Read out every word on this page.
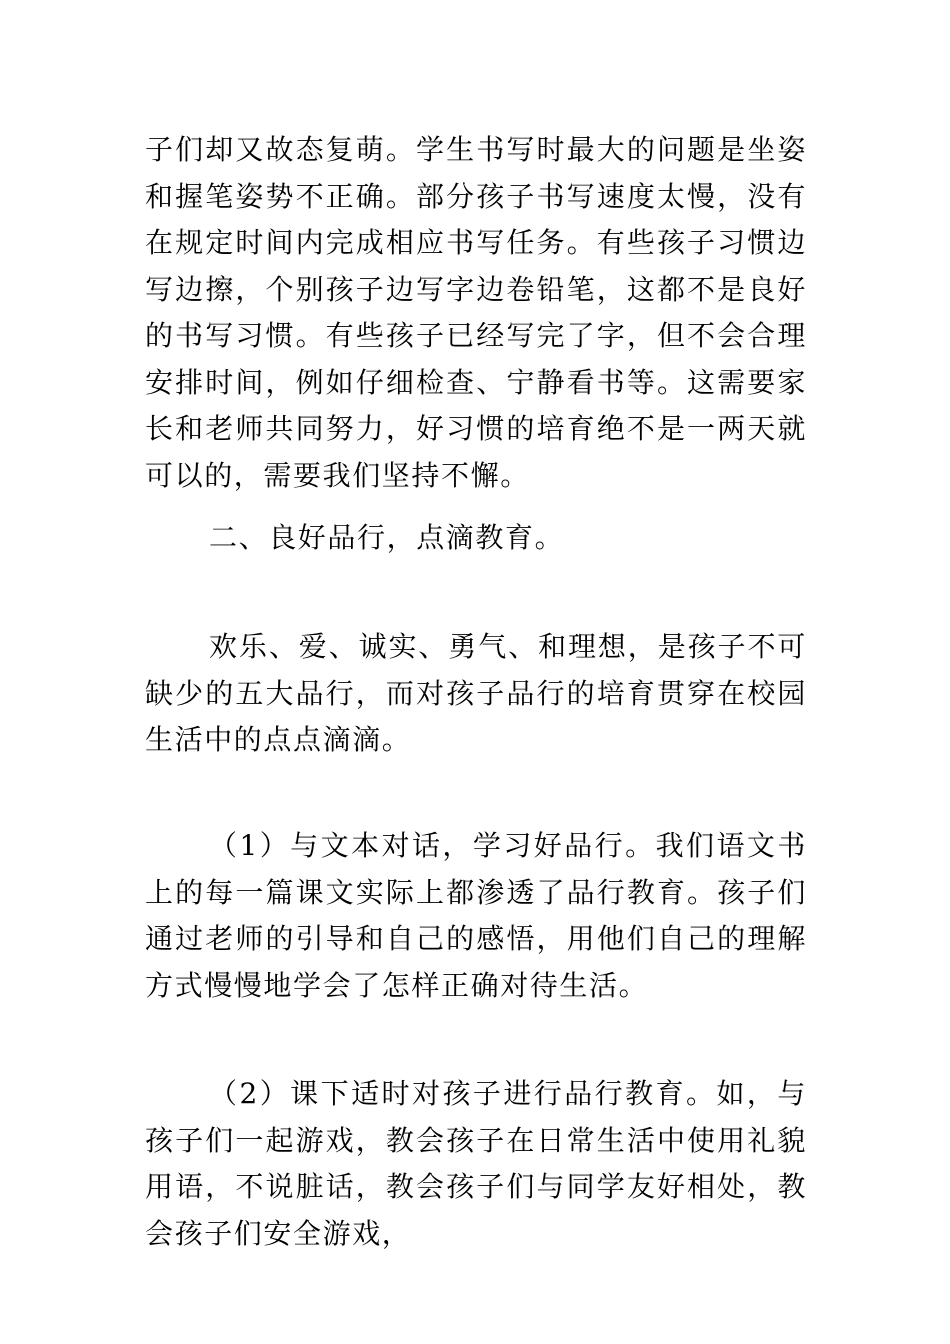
子们却又故态复萌。学生书写时最大的问题是坐姿和握笔姿势不正确。部分孩子书写速度太慢，没有在规定时间内完成相应书写任务。有些孩子习惯边写边擦，个别孩子边写字边卷铅笔，这都不是良好的书写习惯。有些孩子已经写完了字，但不会合理安排时间，例如仔细检查、宁静看书等。这需要家长和老师共同努力，好习惯的培育绝不是一两天就可以的，需要我们坚持不懈。

二、良好品行，点滴教育。

欢乐、爱、诚实、勇气、和理想，是孩子不可缺少的五大品行，而对孩子品行的培育贯穿在校园生活中的点点滴滴。

（1）与文本对话，学习好品行。我们语文书上的每一篇课文实际上都渗透了品行教育。孩子们通过老师的引导和自己的感悟，用他们自己的理解方式慢慢地学会了怎样正确对待生活。

（2）课下适时对孩子进行品行教育。如，与孩子们一起游戏，教会孩子在日常生活中使用礼貌用语，不说脏话，教会孩子们与同学友好相处，教会孩子们安全游戏，
